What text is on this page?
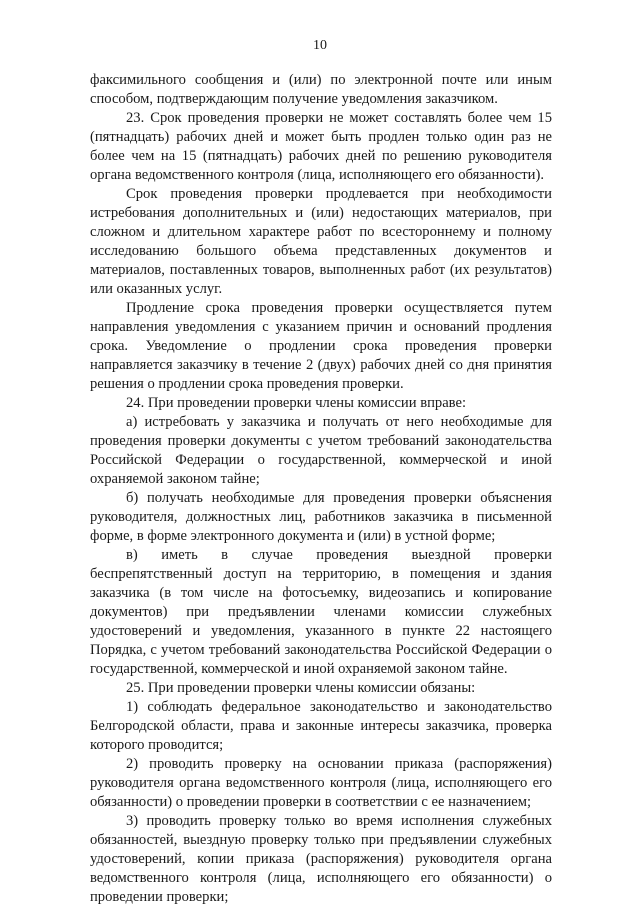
10

факсимильного сообщения и (или) по электронной почте или иным способом, подтверждающим получение уведомления заказчиком.

23. Срок проведения проверки не может составлять более чем 15 (пятнадцать) рабочих дней и может быть продлен только один раз не более чем на 15 (пятнадцать) рабочих дней по решению руководителя органа ведомственного контроля (лица, исполняющего его обязанности).

Срок проведения проверки продлевается при необходимости истребования дополнительных и (или) недостающих материалов, при сложном и длительном характере работ по всестороннему и полному исследованию большого объема представленных документов и материалов, поставленных товаров, выполненных работ (их результатов) или оказанных услуг.

Продление срока проведения проверки осуществляется путем направления уведомления с указанием причин и оснований продления срока. Уведомление о продлении срока проведения проверки направляется заказчику в течение 2 (двух) рабочих дней со дня принятия решения о продлении срока проведения проверки.

24. При проведении проверки члены комиссии вправе:

а) истребовать у заказчика и получать от него необходимые для проведения проверки документы с учетом требований законодательства Российской Федерации о государственной, коммерческой и иной охраняемой законом тайне;

б) получать необходимые для проведения проверки объяснения руководителя, должностных лиц, работников заказчика в письменной форме, в форме электронного документа и (или) в устной форме;

в) иметь в случае проведения выездной проверки беспрепятственный доступ на территорию, в помещения и здания заказчика (в том числе на фотосъемку, видеозапись и копирование документов) при предъявлении членами комиссии служебных удостоверений и уведомления, указанного в пункте 22 настоящего Порядка, с учетом требований законодательства Российской Федерации о государственной, коммерческой и иной охраняемой законом тайне.

25. При проведении проверки члены комиссии обязаны:

1) соблюдать федеральное законодательство и законодательство Белгородской области, права и законные интересы заказчика, проверка которого проводится;

2) проводить проверку на основании приказа (распоряжения) руководителя органа ведомственного контроля (лица, исполняющего его обязанности) о проведении проверки в соответствии с ее назначением;

3) проводить проверку только во время исполнения служебных обязанностей, выездную проверку только при предъявлении служебных удостоверений, копии приказа (распоряжения) руководителя органа ведомственного контроля (лица, исполняющего его обязанности) о проведении проверки;
